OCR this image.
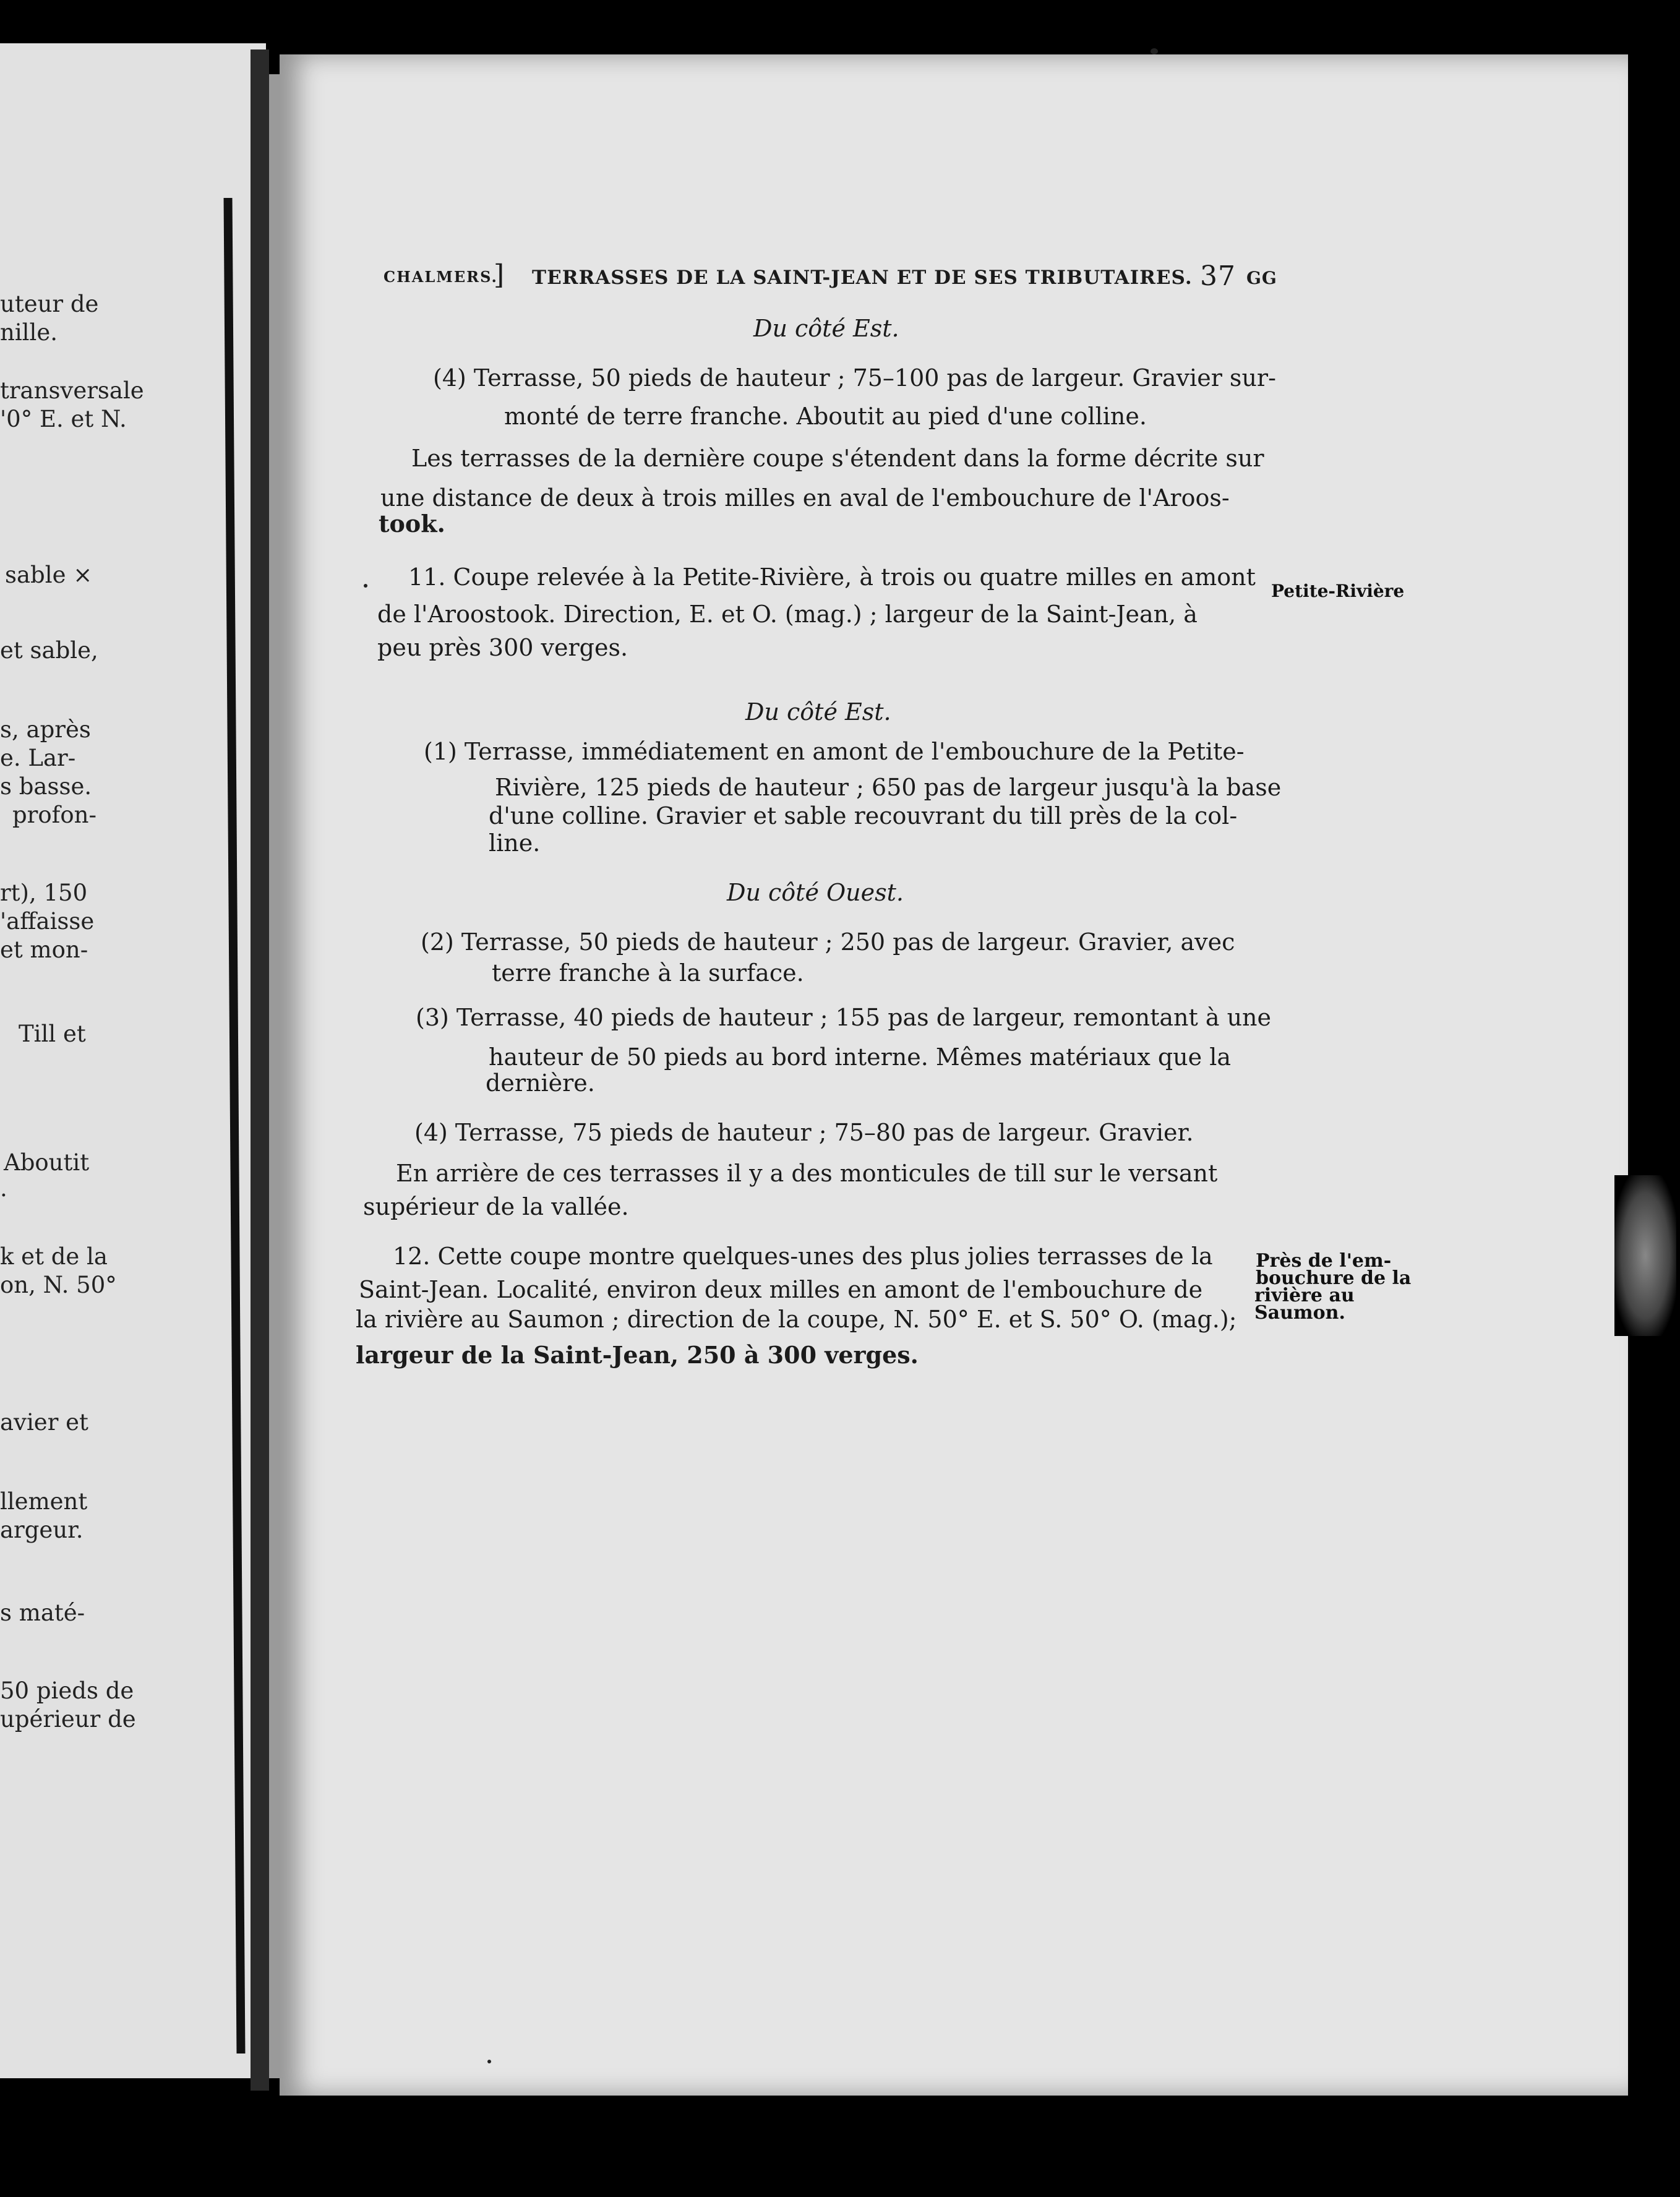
uteur de
nille.
transversale
'0° E. et N.
sable ×
et sable,
s, après
e. Lar-
s basse.
profon-
rt), 150
'affaisse
et mon-
Till et
Aboutit
.
k et de la
on, N. 50°
avier et
llement
argeur.
s maté-
50 pieds de
upérieur de
CHALMERS.
] TERRASSES DE LA SAINT-JEAN ET DE SES TRIBUTAIRES. 37 GG
Du côté Est.
(4) Terrasse, 50 pieds de hauteur ; 75–100 pas de largeur. Gravier sur-
monté de terre franche. Aboutit au pied d'une colline.
Les terrasses de la dernière coupe s'étendent dans la forme décrite sur
une distance de deux à trois milles en aval de l'embouchure de l'Aroos-
took.
11. Coupe relevée à la Petite-Rivière, à trois ou quatre milles en amont
de l'Aroostook. Direction, E. et O. (mag.) ; largeur de la Saint-Jean, à
peu près 300 verges.
Du côté Est.
(1) Terrasse, immédiatement en amont de l'embouchure de la Petite-
Rivière, 125 pieds de hauteur ; 650 pas de largeur jusqu'à la base
d'une colline. Gravier et sable recouvrant du till près de la col-
line.
Du côté Ouest.
(2) Terrasse, 50 pieds de hauteur ; 250 pas de largeur. Gravier, avec
terre franche à la surface.
(3) Terrasse, 40 pieds de hauteur ; 155 pas de largeur, remontant à une
hauteur de 50 pieds au bord interne. Mêmes matériaux que la
dernière.
(4) Terrasse, 75 pieds de hauteur ; 75–80 pas de largeur. Gravier.
En arrière de ces terrasses il y a des monticules de till sur le versant
supérieur de la vallée.
12. Cette coupe montre quelques-unes des plus jolies terrasses de la
Saint-Jean. Localité, environ deux milles en amont de l'embouchure de
la rivière au Saumon ; direction de la coupe, N. 50° E. et S. 50° O. (mag.);
largeur de la Saint-Jean, 250 à 300 verges.
Petite-Rivière
Près de l'em-
bouchure de la
rivière au
Saumon.
